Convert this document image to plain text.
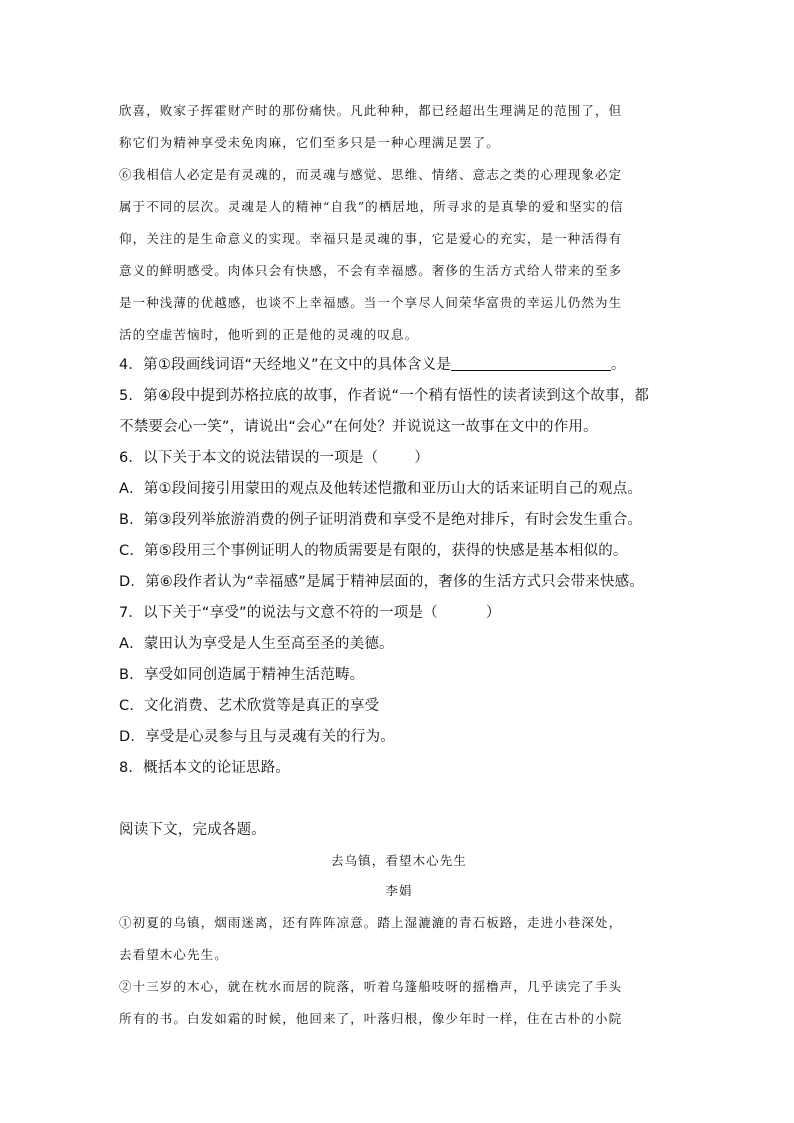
欣喜，败家子挥霍财产时的那份痛快。凡此种种，都已经超出生理满足的范围了，但
称它们为精神享受未免肉麻，它们至多只是一种心理满足罢了。
⑥我相信人必定是有灵魂的，而灵魂与感觉、思维、情绪、意志之类的心理现象必定
属于不同的层次。灵魂是人的精神“自我”的栖居地，所寻求的是真挚的爱和坚实的信
仰，关注的是生命意义的实现。幸福只是灵魂的事，它是爱心的充实，是一种活得有
意义的鲜明感受。肉体只会有快感，不会有幸福感。奢侈的生活方式给人带来的至多
是一种浅薄的优越感，也谈不上幸福感。当一个享尽人间荣华富贵的幸运儿仍然为生
活的空虚苦恼时，他听到的正是他的灵魂的叹息。
4．第①段画线词语“天经地义”在文中的具体含义是	。
5．第④段中提到苏格拉底的故事，作者说“一个稍有悟性的读者读到这个故事，都
不禁要会心一笑”，请说出“会心”在何处？并说说这一故事在文中的作用。
6．以下关于本文的说法错误的一项是（ ）
A．第①段间接引用蒙田的观点及他转述恺撒和亚历山大的话来证明自己的观点。
B．第③段列举旅游消费的例子证明消费和享受不是绝对排斥，有时会发生重合。
C．第⑤段用三个事例证明人的物质需要是有限的，获得的快感是基本相似的。
D．第⑥段作者认为“幸福感”是属于精神层面的，奢侈的生活方式只会带来快感。
7．以下关于“享受”的说法与文意不符的一项是（	）
A．蒙田认为享受是人生至高至圣的美德。
B．享受如同创造属于精神生活范畴。
C．文化消费、艺术欣赏等是真正的享受
D．享受是心灵参与且与灵魂有关的行为。
8．概括本文的论证思路。
阅读下文，完成各题。
去乌镇，看望木心先生
李娟
①初夏的乌镇，烟雨迷离，还有阵阵凉意。踏上湿漉漉的青石板路，走进小巷深处，
去看望木心先生。
②十三岁的木心，就在枕水而居的院落，听着乌篷船吱呀的摇橹声，几乎读完了手头
所有的书。白发如霜的时候，他回来了，叶落归根，像少年时一样，住在古朴的小院
